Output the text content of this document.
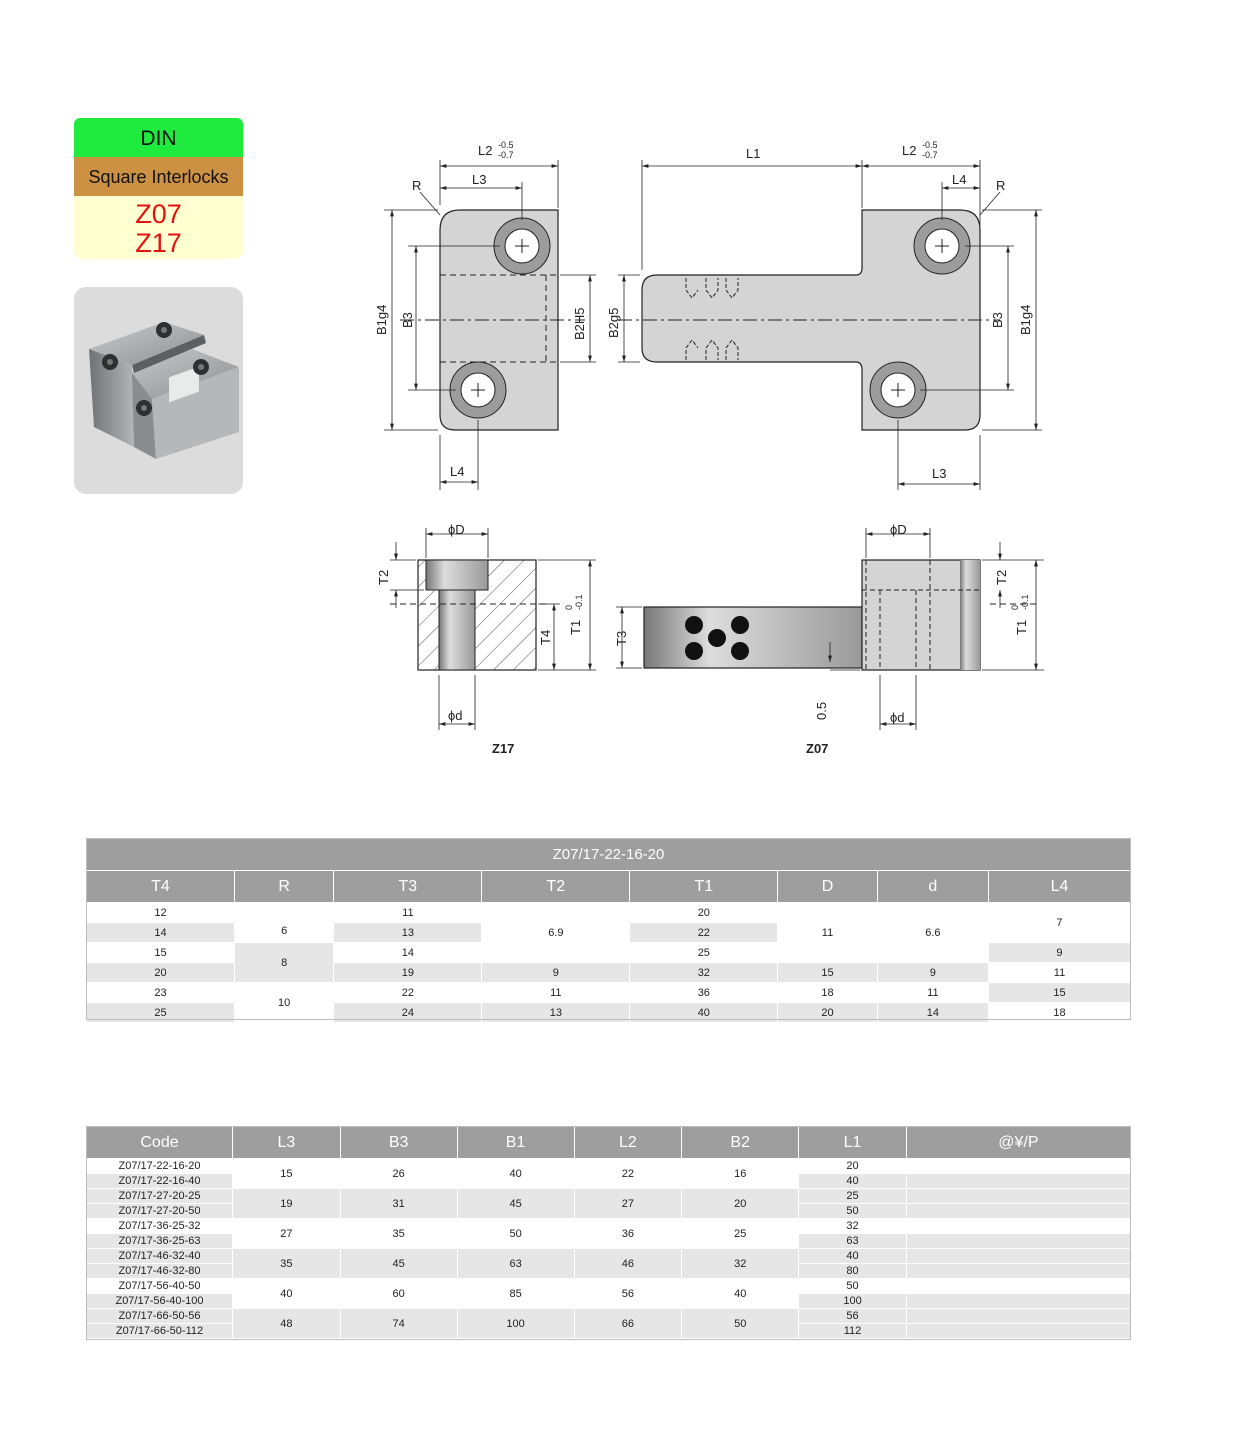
DIN
Square Interlocks
Z07
Z17
L2 -0.5
-0.7
L3
R
L4
B1g4 B3	B2H5
L1	L2 -0.5
-0.7
L4 R
L3
B2g5	B3 B1g4
ϕD
ϕd
T2
T4
T1
0 -0.1
Z17
ϕD
ϕd
T3
0.5
T2
T1
0 -0.1
Z07
Z07/17-22-16-20							
T4	R	T3	T2	T1	D	d	L4
12	6	11	6.9	20	11	6.6	7
14		13		22			
15	8	14		25			9
20		19	9	32	15	9	11
23	10	22	11	36	18	11	15
25		24	13	40	20	14	18
Code	L3	B3	B1	L2	B2	L1	@¥/P
Z07/17-22-16-20	15	26	40	22	16	20	
Z07/17-22-16-40						40	
Z07/17-27-20-25	19	31	45	27	20	25	
Z07/17-27-20-50						50	
Z07/17-36-25-32	27	35	50	36	25	32	
Z07/17-36-25-63						63	
Z07/17-46-32-40	35	45	63	46	32	40	
Z07/17-46-32-80						80	
Z07/17-56-40-50	40	60	85	56	40	50	
Z07/17-56-40-100						100	
Z07/17-66-50-56	48	74	100	66	50	56	
Z07/17-66-50-112						112	
